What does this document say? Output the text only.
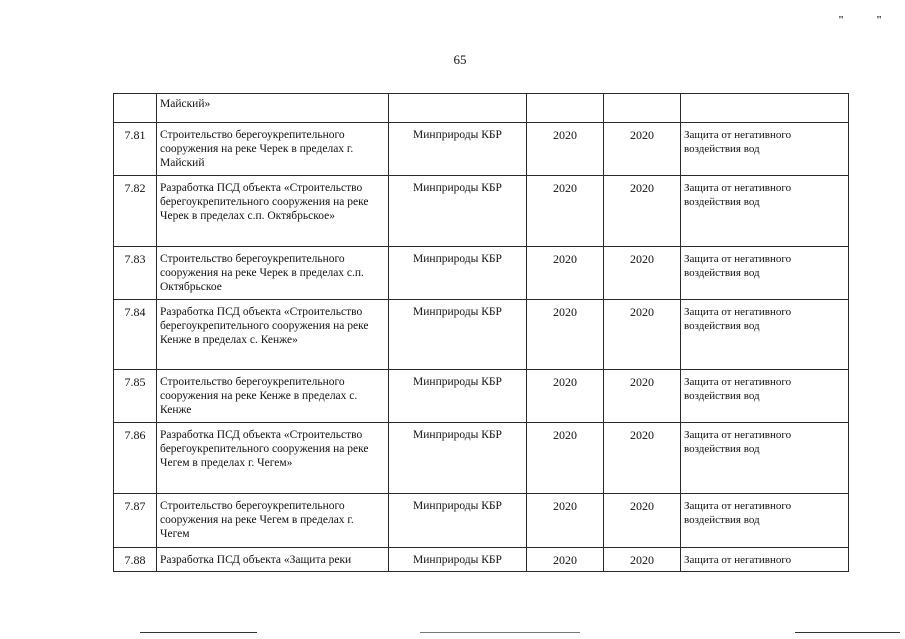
"	"
65
	Майский»				
7.81	Строительство берегоукрепительного сооружения на реке Черек в пределах г. Майский	Минприроды КБР	2020	2020	Защита от негативного воздействия вод
7.82	Разработка ПСД объекта «Строительство берегоукрепительного сооружения на реке Черек в пределах с.п. Октябрьское»	Минприроды КБР	2020	2020	Защита от негативного воздействия вод
7.83	Строительство берегоукрепительного сооружения на реке Черек в пределах с.п. Октябрьское	Минприроды КБР	2020	2020	Защита от негативного воздействия вод
7.84	Разработка ПСД объекта «Строительство берегоукрепительного сооружения на реке Кенже в пределах с. Кенже»	Минприроды КБР	2020	2020	Защита от негативного воздействия вод
7.85	Строительство берегоукрепительного сооружения на реке Кенже в пределах с. Кенже	Минприроды КБР	2020	2020	Защита от негативного воздействия вод
7.86	Разработка ПСД объекта «Строительство берегоукрепительного сооружения на реке Чегем в пределах г. Чегем»	Минприроды КБР	2020	2020	Защита от негативного воздействия вод
7.87	Строительство берегоукрепительного сооружения на реке Чегем в пределах г. Чегем	Минприроды КБР	2020	2020	Защита от негативного воздействия вод
7.88	Разработка ПСД объекта «Защита реки	Минприроды КБР	2020	2020	Защита от негативного
